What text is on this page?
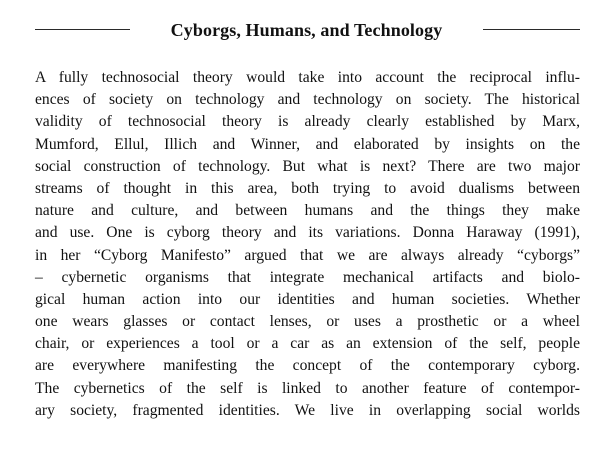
Cyborgs, Humans, and Technology
A fully technosocial theory would take into account the reciprocal influ-
ences of society on technology and technology on society. The historical
validity of technosocial theory is already clearly established by Marx,
Mumford, Ellul, Illich and Winner, and elaborated by insights on the
social construction of technology. But what is next? There are two major
streams of thought in this area, both trying to avoid dualisms between
nature and culture, and between humans and the things they make
and use. One is cyborg theory and its variations. Donna Haraway (1991),
in her “Cyborg Manifesto” argued that we are always already “cyborgs”
– cybernetic organisms that integrate mechanical artifacts and biolo-
gical human action into our identities and human societies. Whether
one wears glasses or contact lenses, or uses a prosthetic or a wheel
chair, or experiences a tool or a car as an extension of the self, people
are everywhere manifesting the concept of the contemporary cyborg.
The cybernetics of the self is linked to another feature of contempor-
ary society, fragmented identities. We live in overlapping social worlds
